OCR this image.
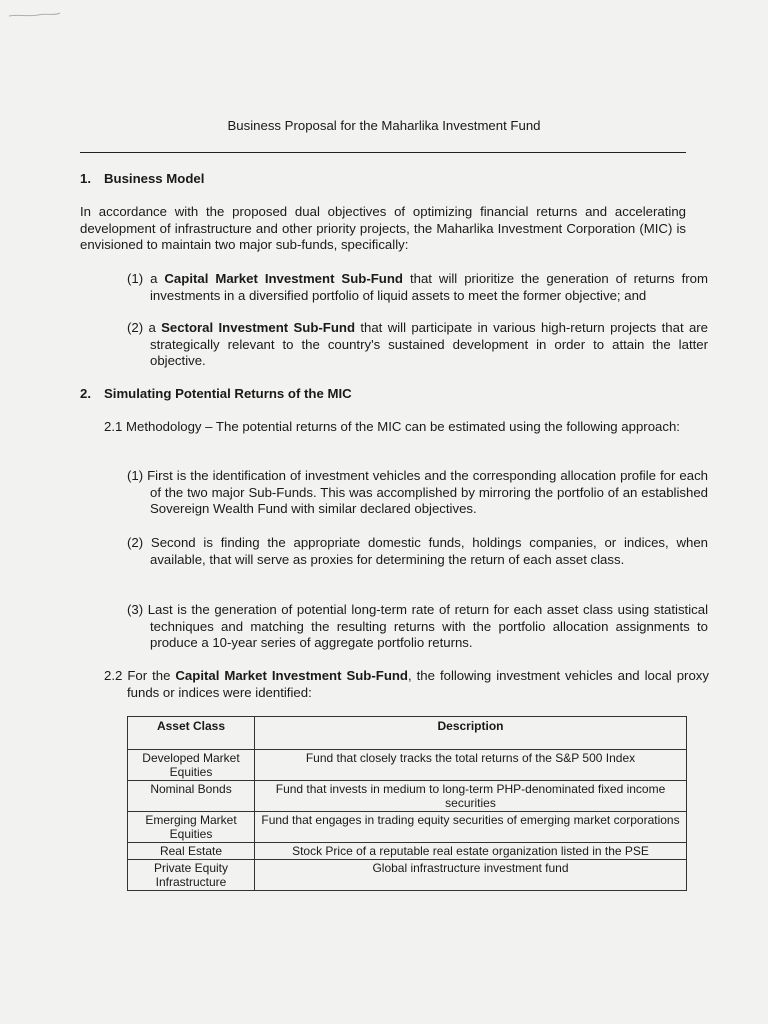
Business Proposal for the Maharlika Investment Fund
1. Business Model
In accordance with the proposed dual objectives of optimizing financial returns and accelerating development of infrastructure and other priority projects, the Maharlika Investment Corporation (MIC) is envisioned to maintain two major sub-funds, specifically:
(1) a Capital Market Investment Sub-Fund that will prioritize the generation of returns from investments in a diversified portfolio of liquid assets to meet the former objective; and
(2) a Sectoral Investment Sub-Fund that will participate in various high-return projects that are strategically relevant to the country's sustained development in order to attain the latter objective.
2. Simulating Potential Returns of the MIC
2.1 Methodology – The potential returns of the MIC can be estimated using the following approach:
(1) First is the identification of investment vehicles and the corresponding allocation profile for each of the two major Sub-Funds. This was accomplished by mirroring the portfolio of an established Sovereign Wealth Fund with similar declared objectives.
(2) Second is finding the appropriate domestic funds, holdings companies, or indices, when available, that will serve as proxies for determining the return of each asset class.
(3) Last is the generation of potential long-term rate of return for each asset class using statistical techniques and matching the resulting returns with the portfolio allocation assignments to produce a 10-year series of aggregate portfolio returns.
2.2 For the Capital Market Investment Sub-Fund, the following investment vehicles and local proxy funds or indices were identified:
Asset Class	Description
Developed Market Equities	Fund that closely tracks the total returns of the S&P 500 Index
Nominal Bonds	Fund that invests in medium to long-term PHP-denominated fixed income securities
Emerging Market Equities	Fund that engages in trading equity securities of emerging market corporations
Real Estate	Stock Price of a reputable real estate organization listed in the PSE
Private Equity Infrastructure	Global infrastructure investment fund
